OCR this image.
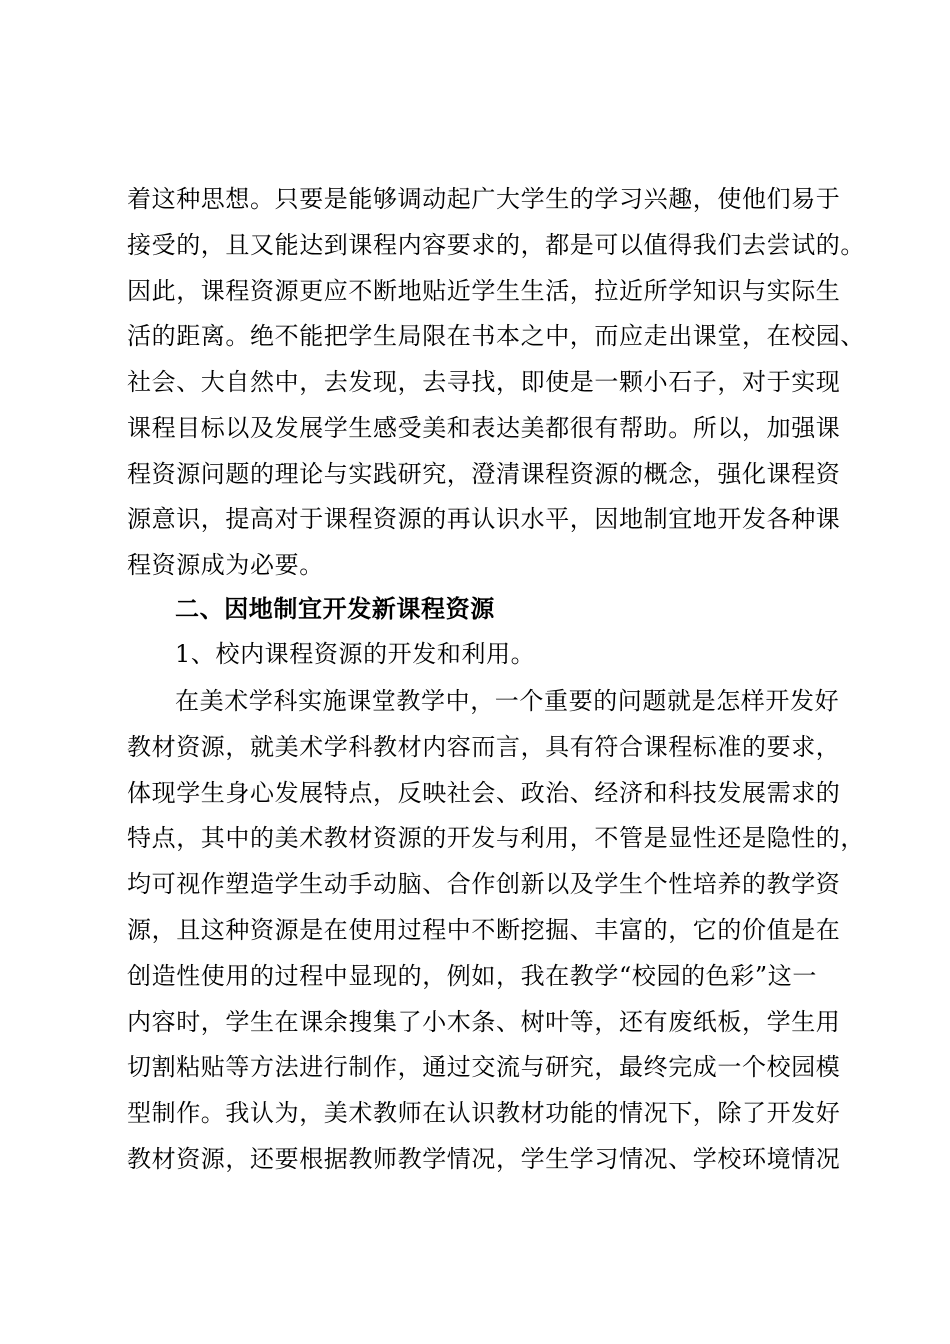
着这种思想。只要是能够调动起广大学生的学习兴趣，使他们易于
接受的，且又能达到课程内容要求的，都是可以值得我们去尝试的。
因此，课程资源更应不断地贴近学生生活，拉近所学知识与实际生
活的距离。绝不能把学生局限在书本之中，而应走出课堂，在校园、
社会、大自然中，去发现，去寻找，即使是一颗小石子，对于实现
课程目标以及发展学生感受美和表达美都很有帮助。所以，加强课
程资源问题的理论与实践研究，澄清课程资源的概念，强化课程资
源意识，提高对于课程资源的再认识水平，因地制宜地开发各种课
程资源成为必要。
二、因地制宜开发新课程资源
1、校内课程资源的开发和利用。
在美术学科实施课堂教学中，一个重要的问题就是怎样开发好
教材资源，就美术学科教材内容而言，具有符合课程标准的要求，
体现学生身心发展特点，反映社会、政治、经济和科技发展需求的
特点，其中的美术教材资源的开发与利用，不管是显性还是隐性的，
均可视作塑造学生动手动脑、合作创新以及学生个性培养的教学资
源，且这种资源是在使用过程中不断挖掘、丰富的，它的价值是在
创造性使用的过程中显现的，例如，我在教学“校园的色彩”这一
内容时，学生在课余搜集了小木条、树叶等，还有废纸板，学生用
切割粘贴等方法进行制作，通过交流与研究，最终完成一个校园模
型制作。我认为，美术教师在认识教材功能的情况下，除了开发好
教材资源，还要根据教师教学情况，学生学习情况、学校环境情况
